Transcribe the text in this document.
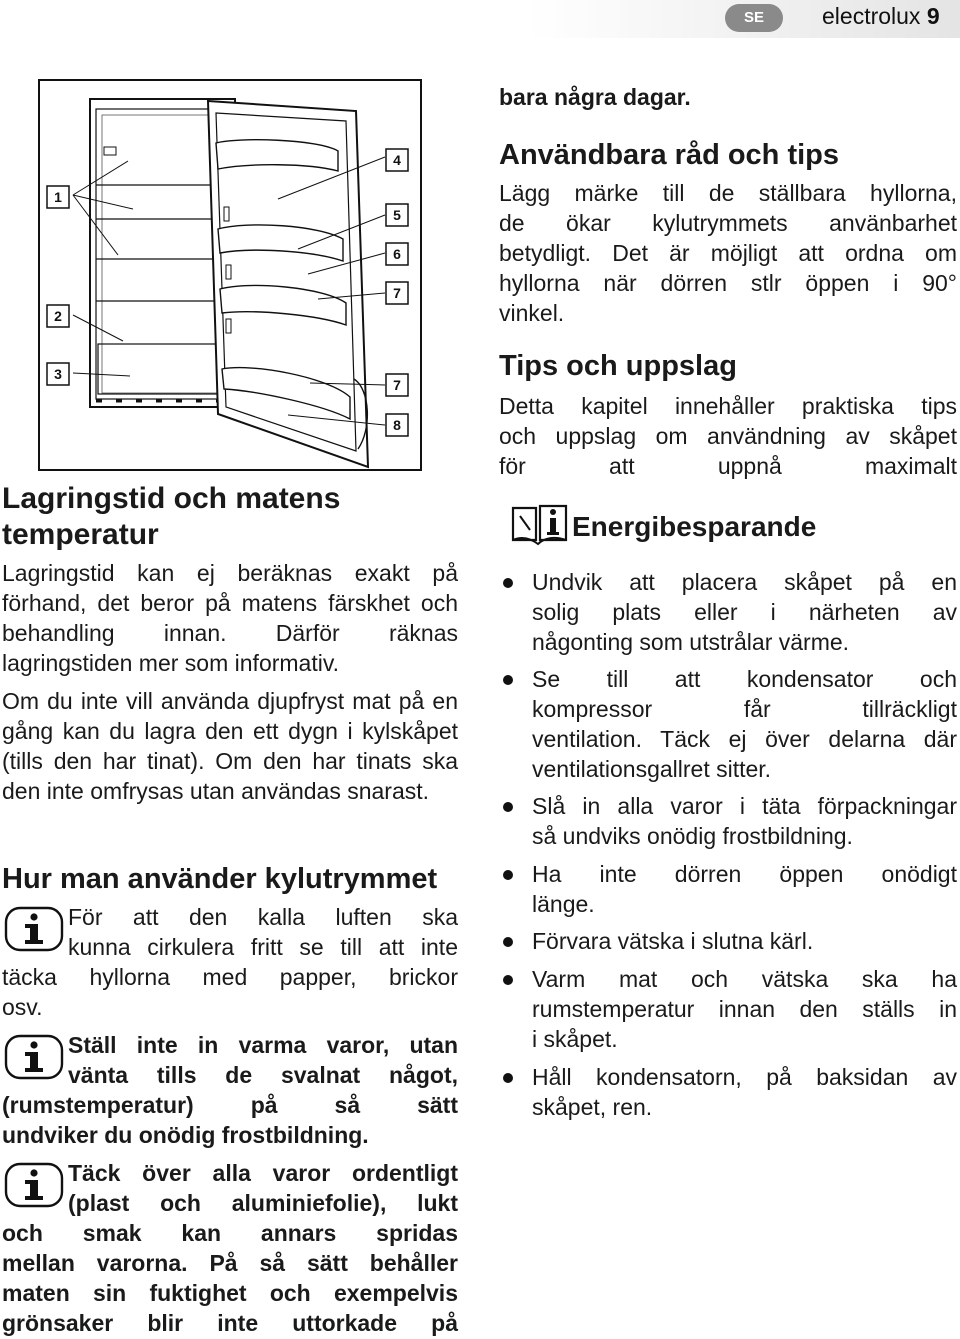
SE	electrolux 9
1
2
3
4
5
6
7
7
8
Lagringstid och matens
temperatur
Lagringstid kan ej beräknas exakt på förhand, det beror på matens färskhet och behandling innan. Därför räknas lagringstiden mer som informativ.
Om du inte vill använda djupfryst mat på en gång kan du lagra den ett dygn i kylskåpet (tills den har tinat). Om den har tinats ska den inte omfrysas utan användas snarast.
Hur man använder kylutrymmet
För att den kalla luften ska
kunna cirkulera fritt se till att inte
täcka hyllorna med papper, brickor
osv.
Ställ inte in varma varor, utan
vänta tills de svalnat något,
(rumstemperatur) på så sätt
undviker du onödig frostbildning.
Täck över alla varor ordentligt
(plast och aluminiefolie), lukt
och smak kan annars spridas
mellan varorna. På så sätt behåller
maten sin fuktighet och exempelvis
grönsaker blir inte uttorkade på
bara några dagar.
Användbara råd och tips
Lägg märke till de ställbara hyllorna,
de ökar kylutrymmets använbarhet
betydligt. Det är möjligt att ordna om
hyllorna när dörren stlr öppen i 90°
vinkel.
Tips och uppslag
Detta kapitel innehåller praktiska tips
och uppslag om användning av skåpet
för att uppnå maximalt
Energibesparande
Undvik att placera skåpet på en
solig plats eller i närheten av
någonting som utstrålar värme.
Se till att kondensator och
kompressor får tillräckligt
ventilation. Täck ej över delarna där
ventilationsgallret sitter.
Slå in alla varor i täta förpackningar
så undviks onödig frostbildning.
Ha inte dörren öppen onödigt
länge.
Förvara vätska i slutna kärl.
Varm mat och vätska ska ha
rumstemperatur innan den ställs in
i skåpet.
Håll kondensatorn, på baksidan av
skåpet, ren.
